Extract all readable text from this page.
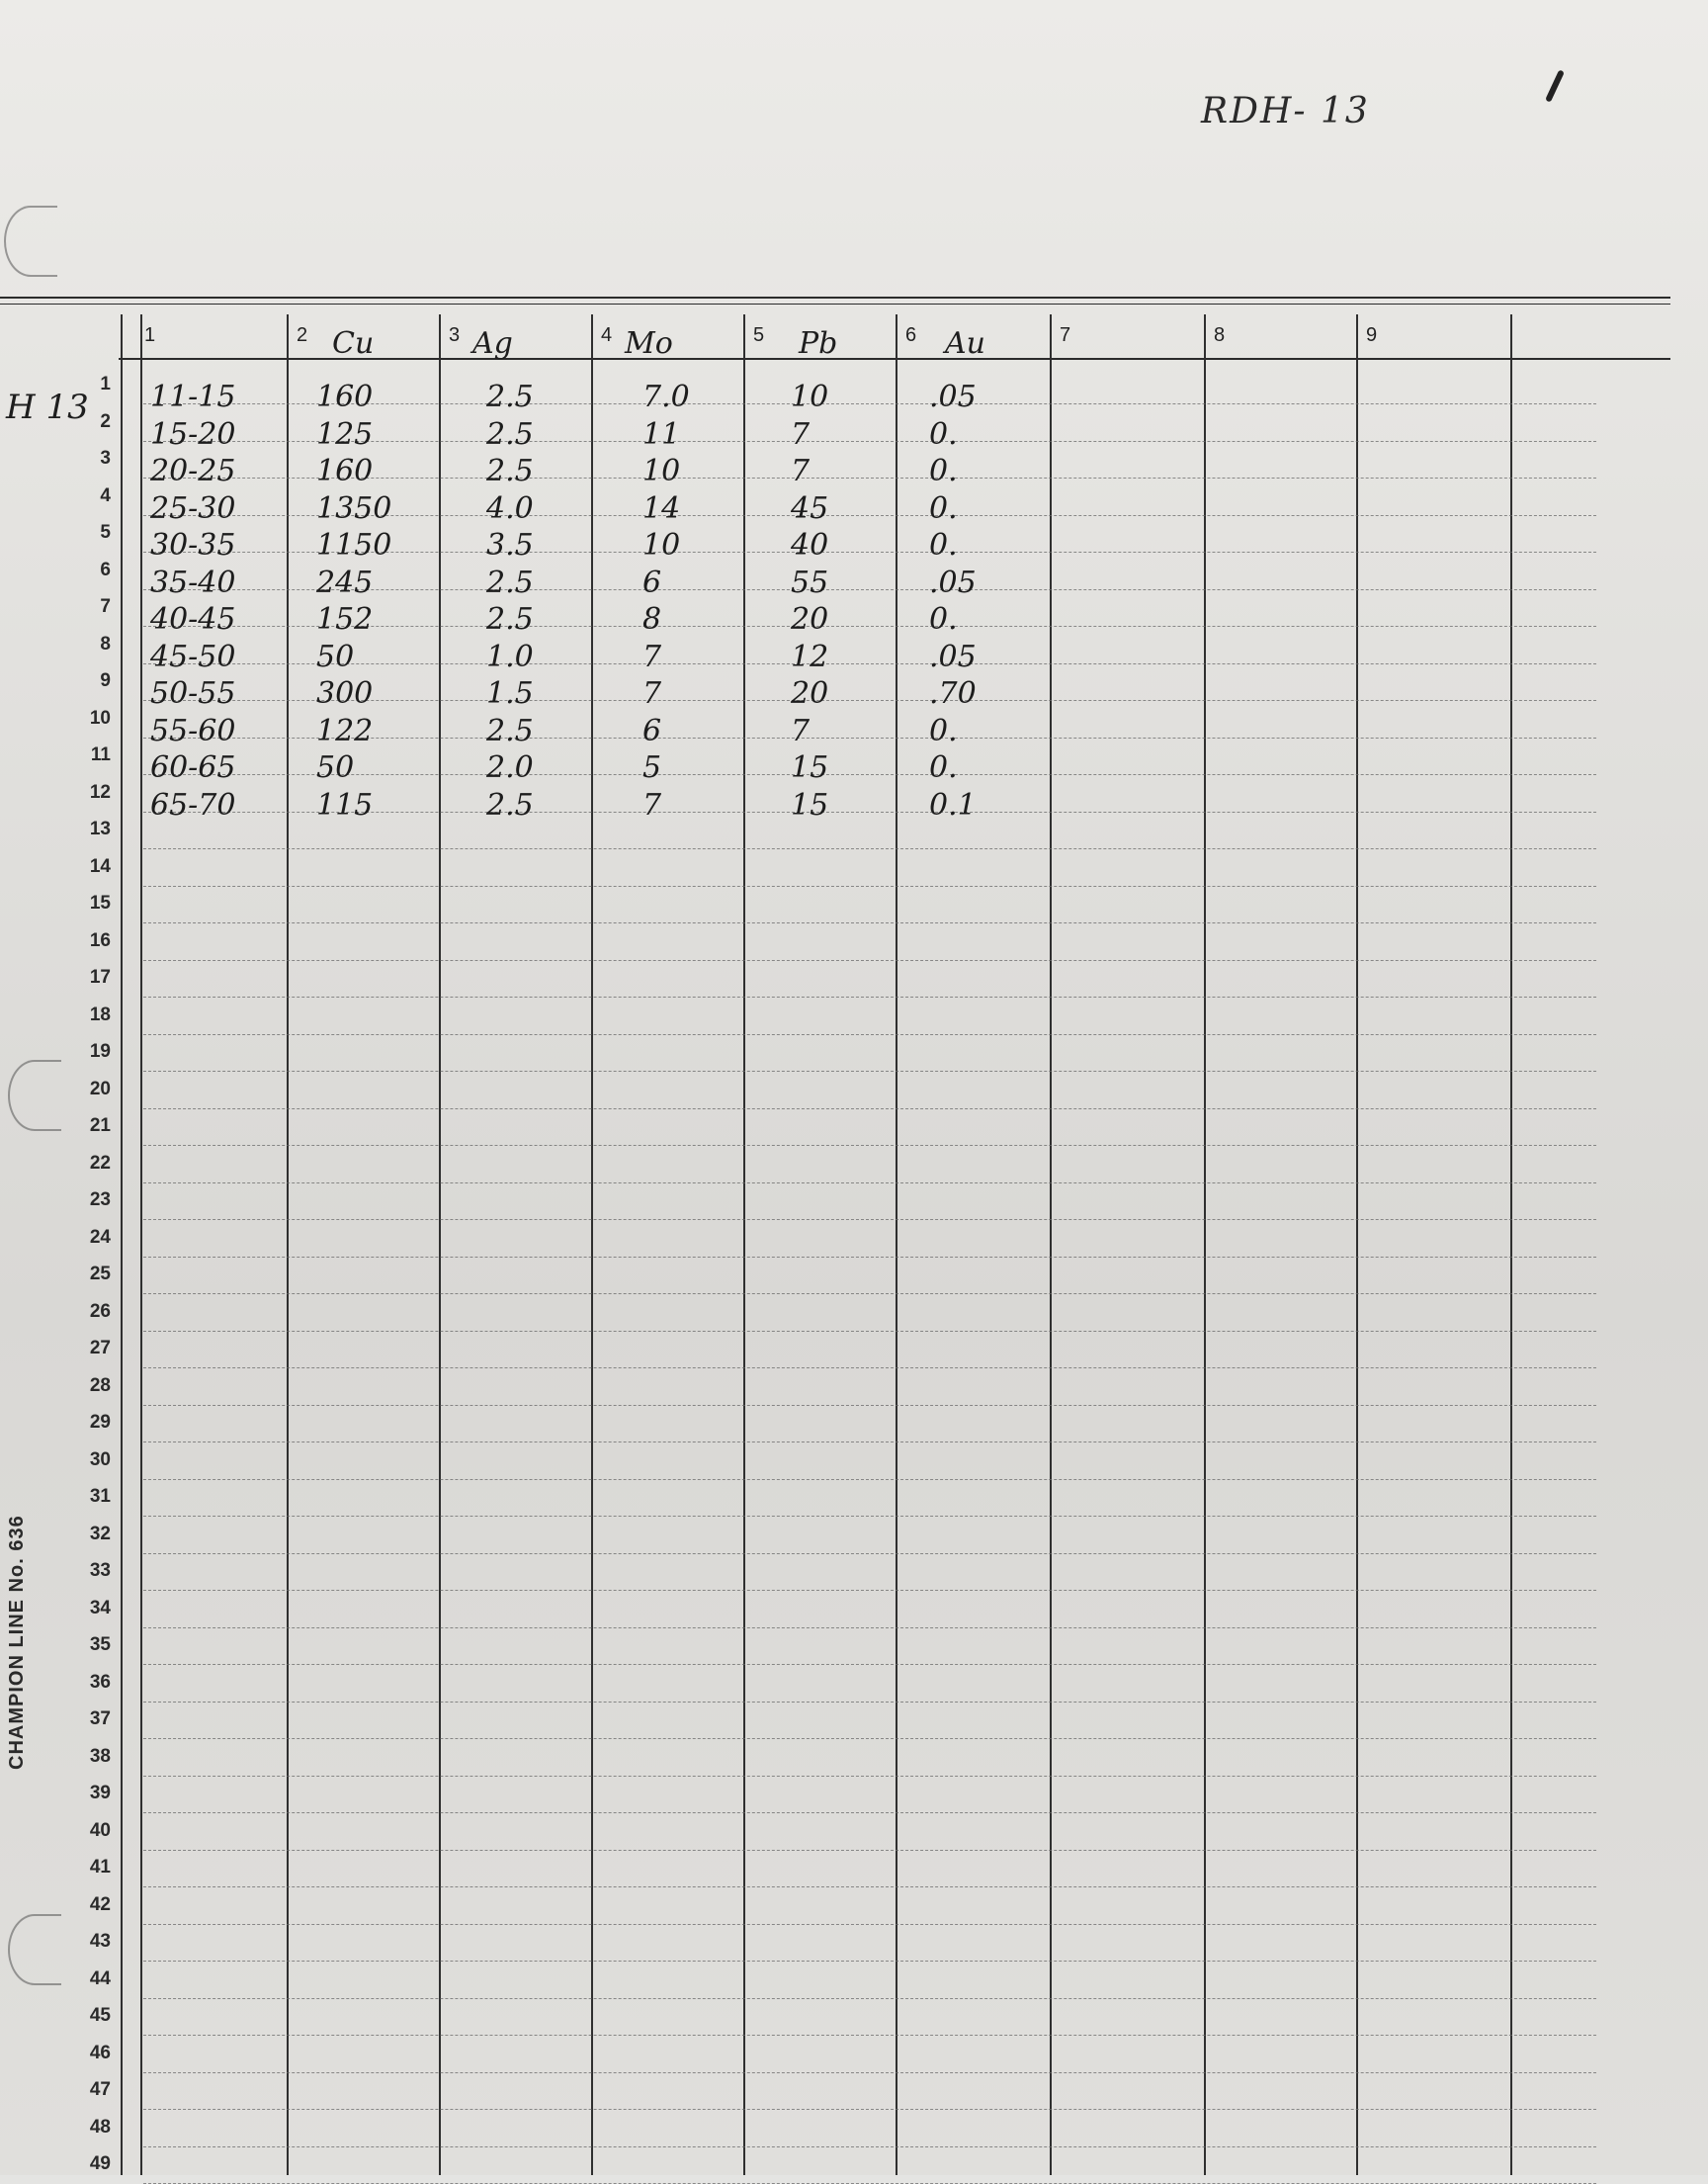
RDH- 13
1	2 Cu	3 Ag	4 Mo	5 Pb	6 Au	7	8	9
H 13
1
2
3
4
5
6
7
8
9
10
11
12
13
14
15
16
17
18
19
20
21
22
23
24
25
26
27
28
29
30
31
32
33
34
35
36
37
38
39
40
41
42
43
44
45
46
47
48
49
11-15	160	2.5	7.0	10	.05
15-20	125	2.5	11	7	0.
20-25	160	2.5	10	7	0.
25-30	1350	4.0	14	45	0.
30-35	1150	3.5	10	40	0.
35-40	245	2.5	6	55	.05
40-45	152	2.5	8	20	0.
45-50	50	1.0	7	12	.05
50-55	300	1.5	7	20	.70
55-60	122	2.5	6	7	0.
60-65	50	2.0	5	15	0.
65-70	115	2.5	7	15	0.1
CHAMPION LINE No. 636
